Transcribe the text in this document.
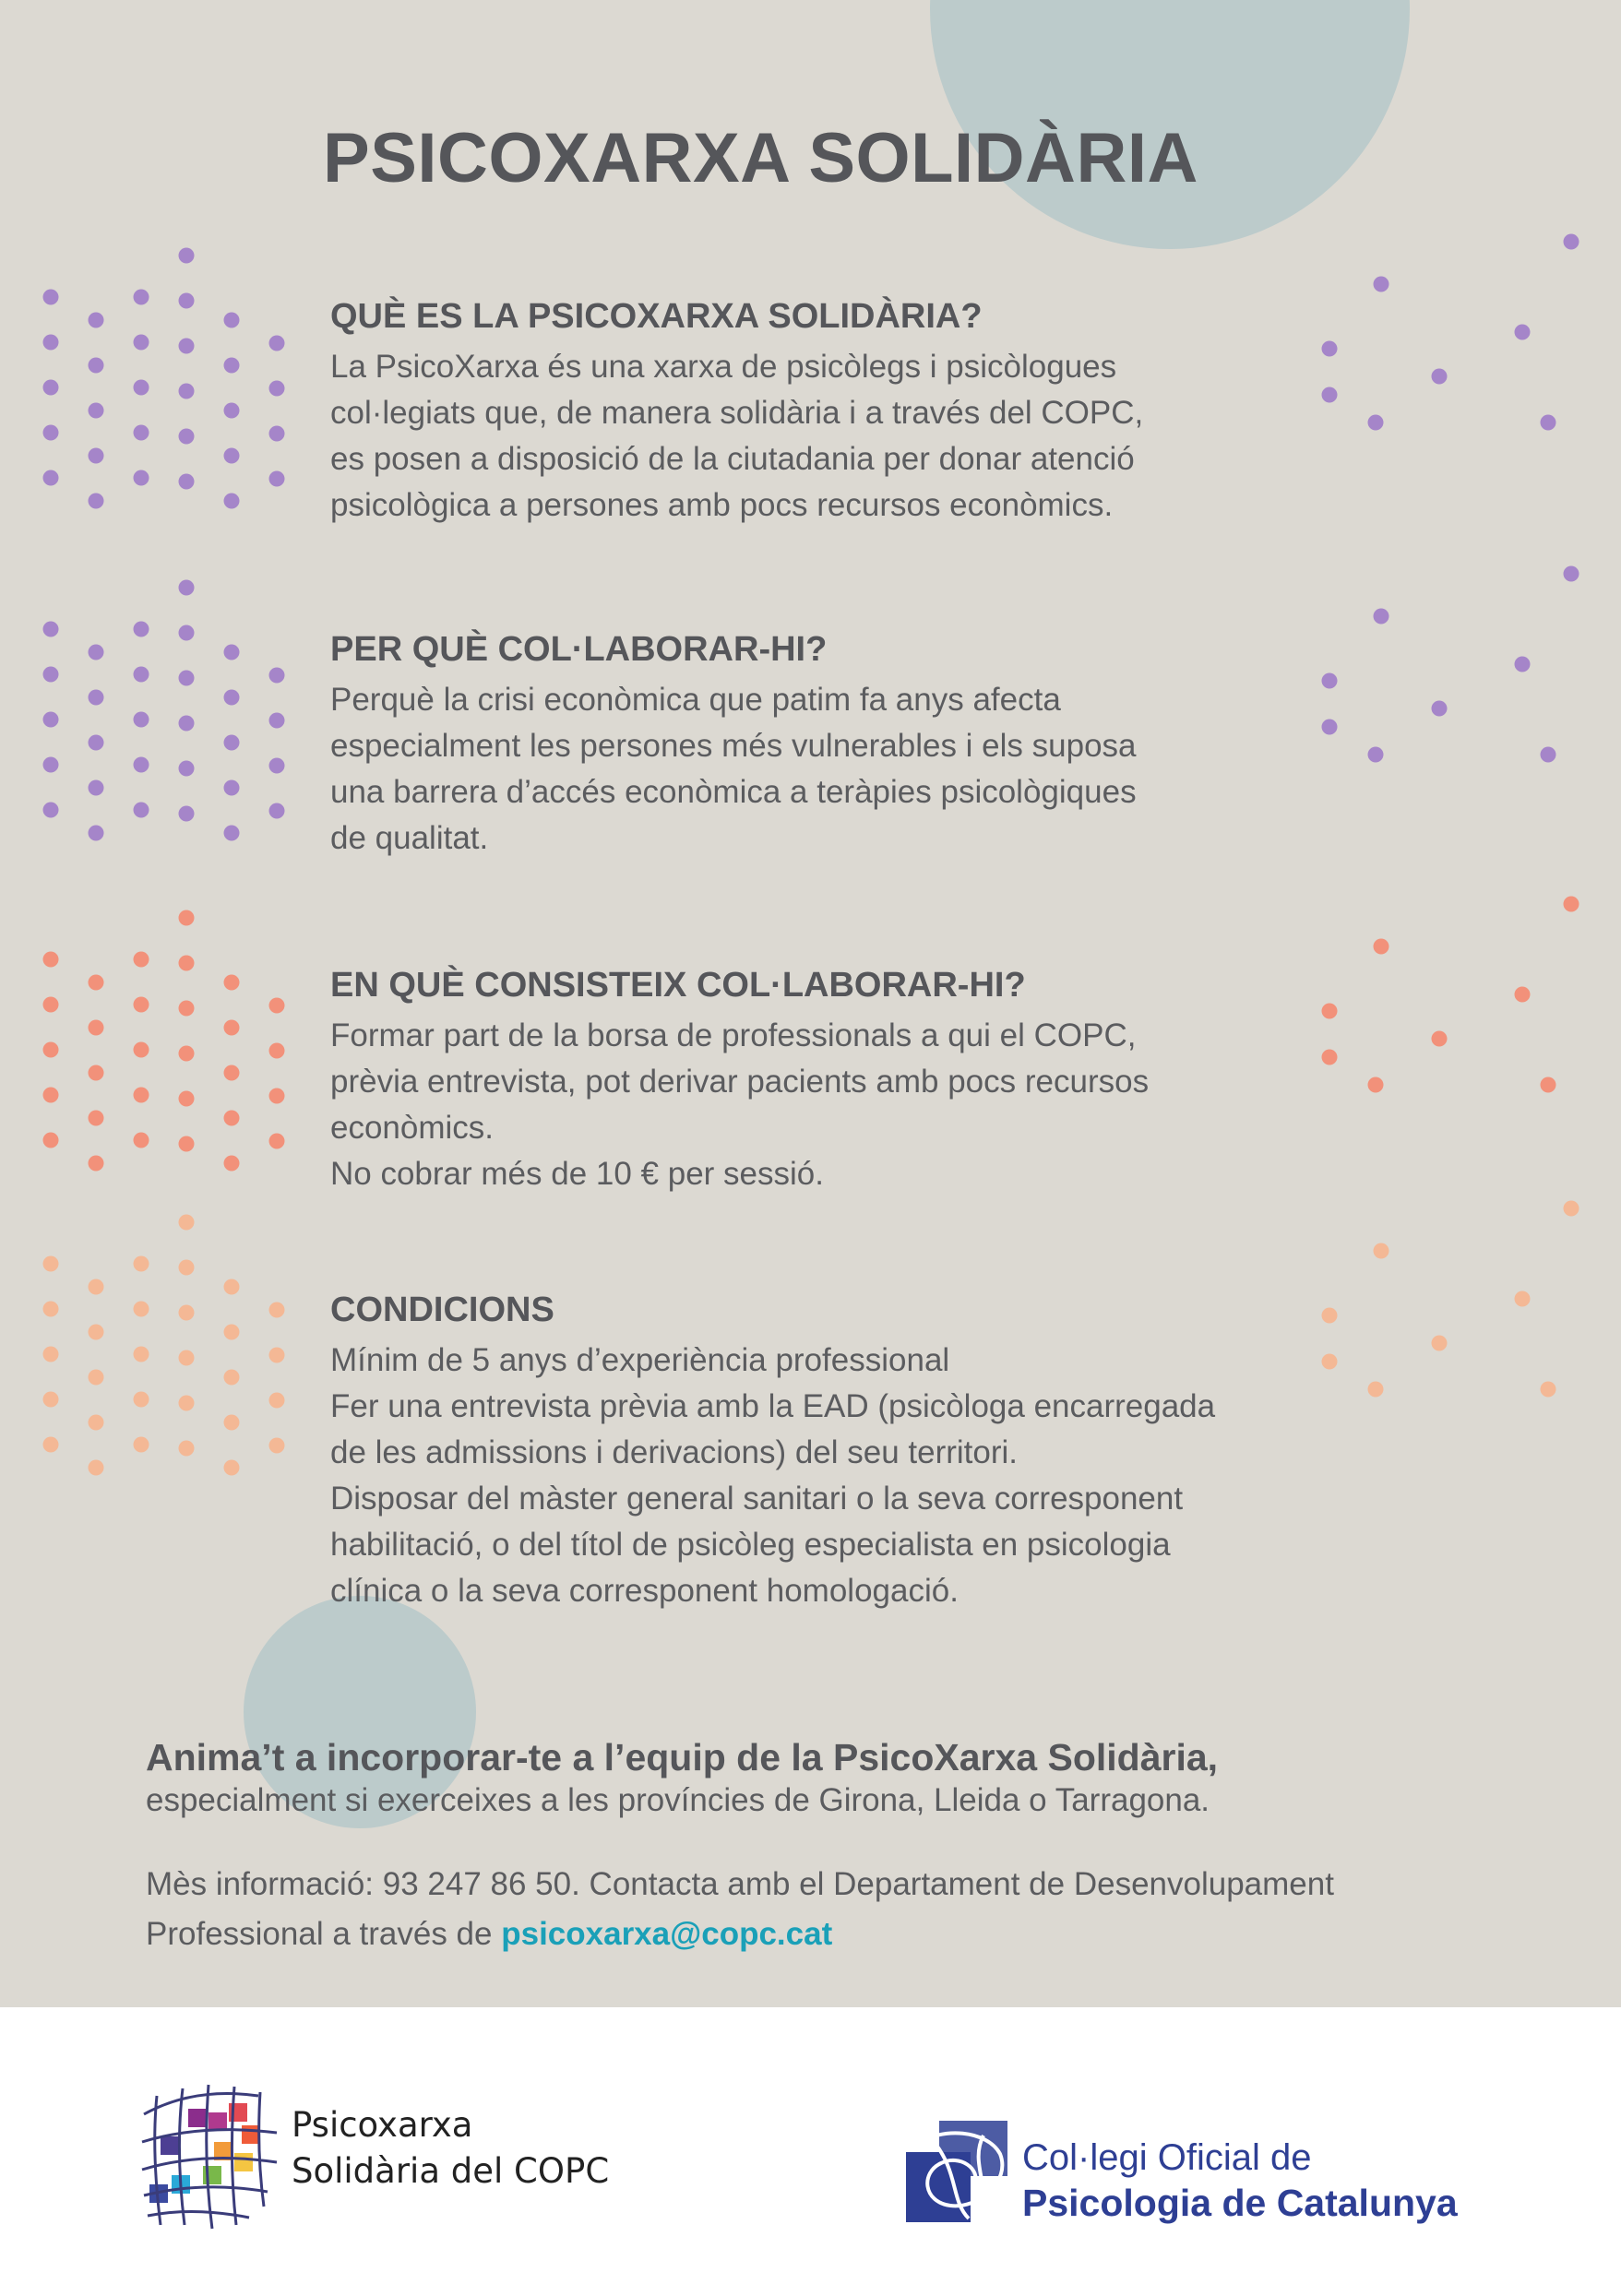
PSICOXARXA SOLIDÀRIA
QUÈ ES LA PSICOXARXA SOLIDÀRIA?

La PsicoXarxa és una xarxa de psicòlegs i psicòlogues
col·legiats que, de manera solidària i a través del COPC,
es posen a disposició de la ciutadania per donar atenció
psicològica a persones amb pocs recursos econòmics.

PER QUÈ COL·LABORAR-HI?

Perquè la crisi econòmica que patim fa anys afecta
especialment les persones més vulnerables i els suposa
una barrera d’accés econòmica a teràpies psicològiques
de qualitat.

EN QUÈ CONSISTEIX COL·LABORAR-HI?

Formar part de la borsa de professionals a qui el COPC,
prèvia entrevista, pot derivar pacients amb pocs recursos
econòmics.
No cobrar més de 10 € per sessió.

CONDICIONS

Mínim de 5 anys d’experiència professional
Fer una entrevista prèvia amb la EAD (psicòloga encarregada
de les admissions i derivacions) del seu territori.
Disposar del màster general sanitari o la seva corresponent
habilitació, o del títol de psicòleg especialista en psicologia
clínica o la seva corresponent homologació.

Anima’t a incorporar-te a l’equip de la PsicoXarxa Solidària,
especialment si exerceixes a les províncies de Girona, Lleida o Tarragona.
Mès informació: 93 247 86 50. Contacta amb el Departament de Desenvolupament
Professional a través de psicoxarxa@copc.cat
Psicoxarxa
Solidària del COPC	Col·legi Oficial de
Psicologia de Catalunya
